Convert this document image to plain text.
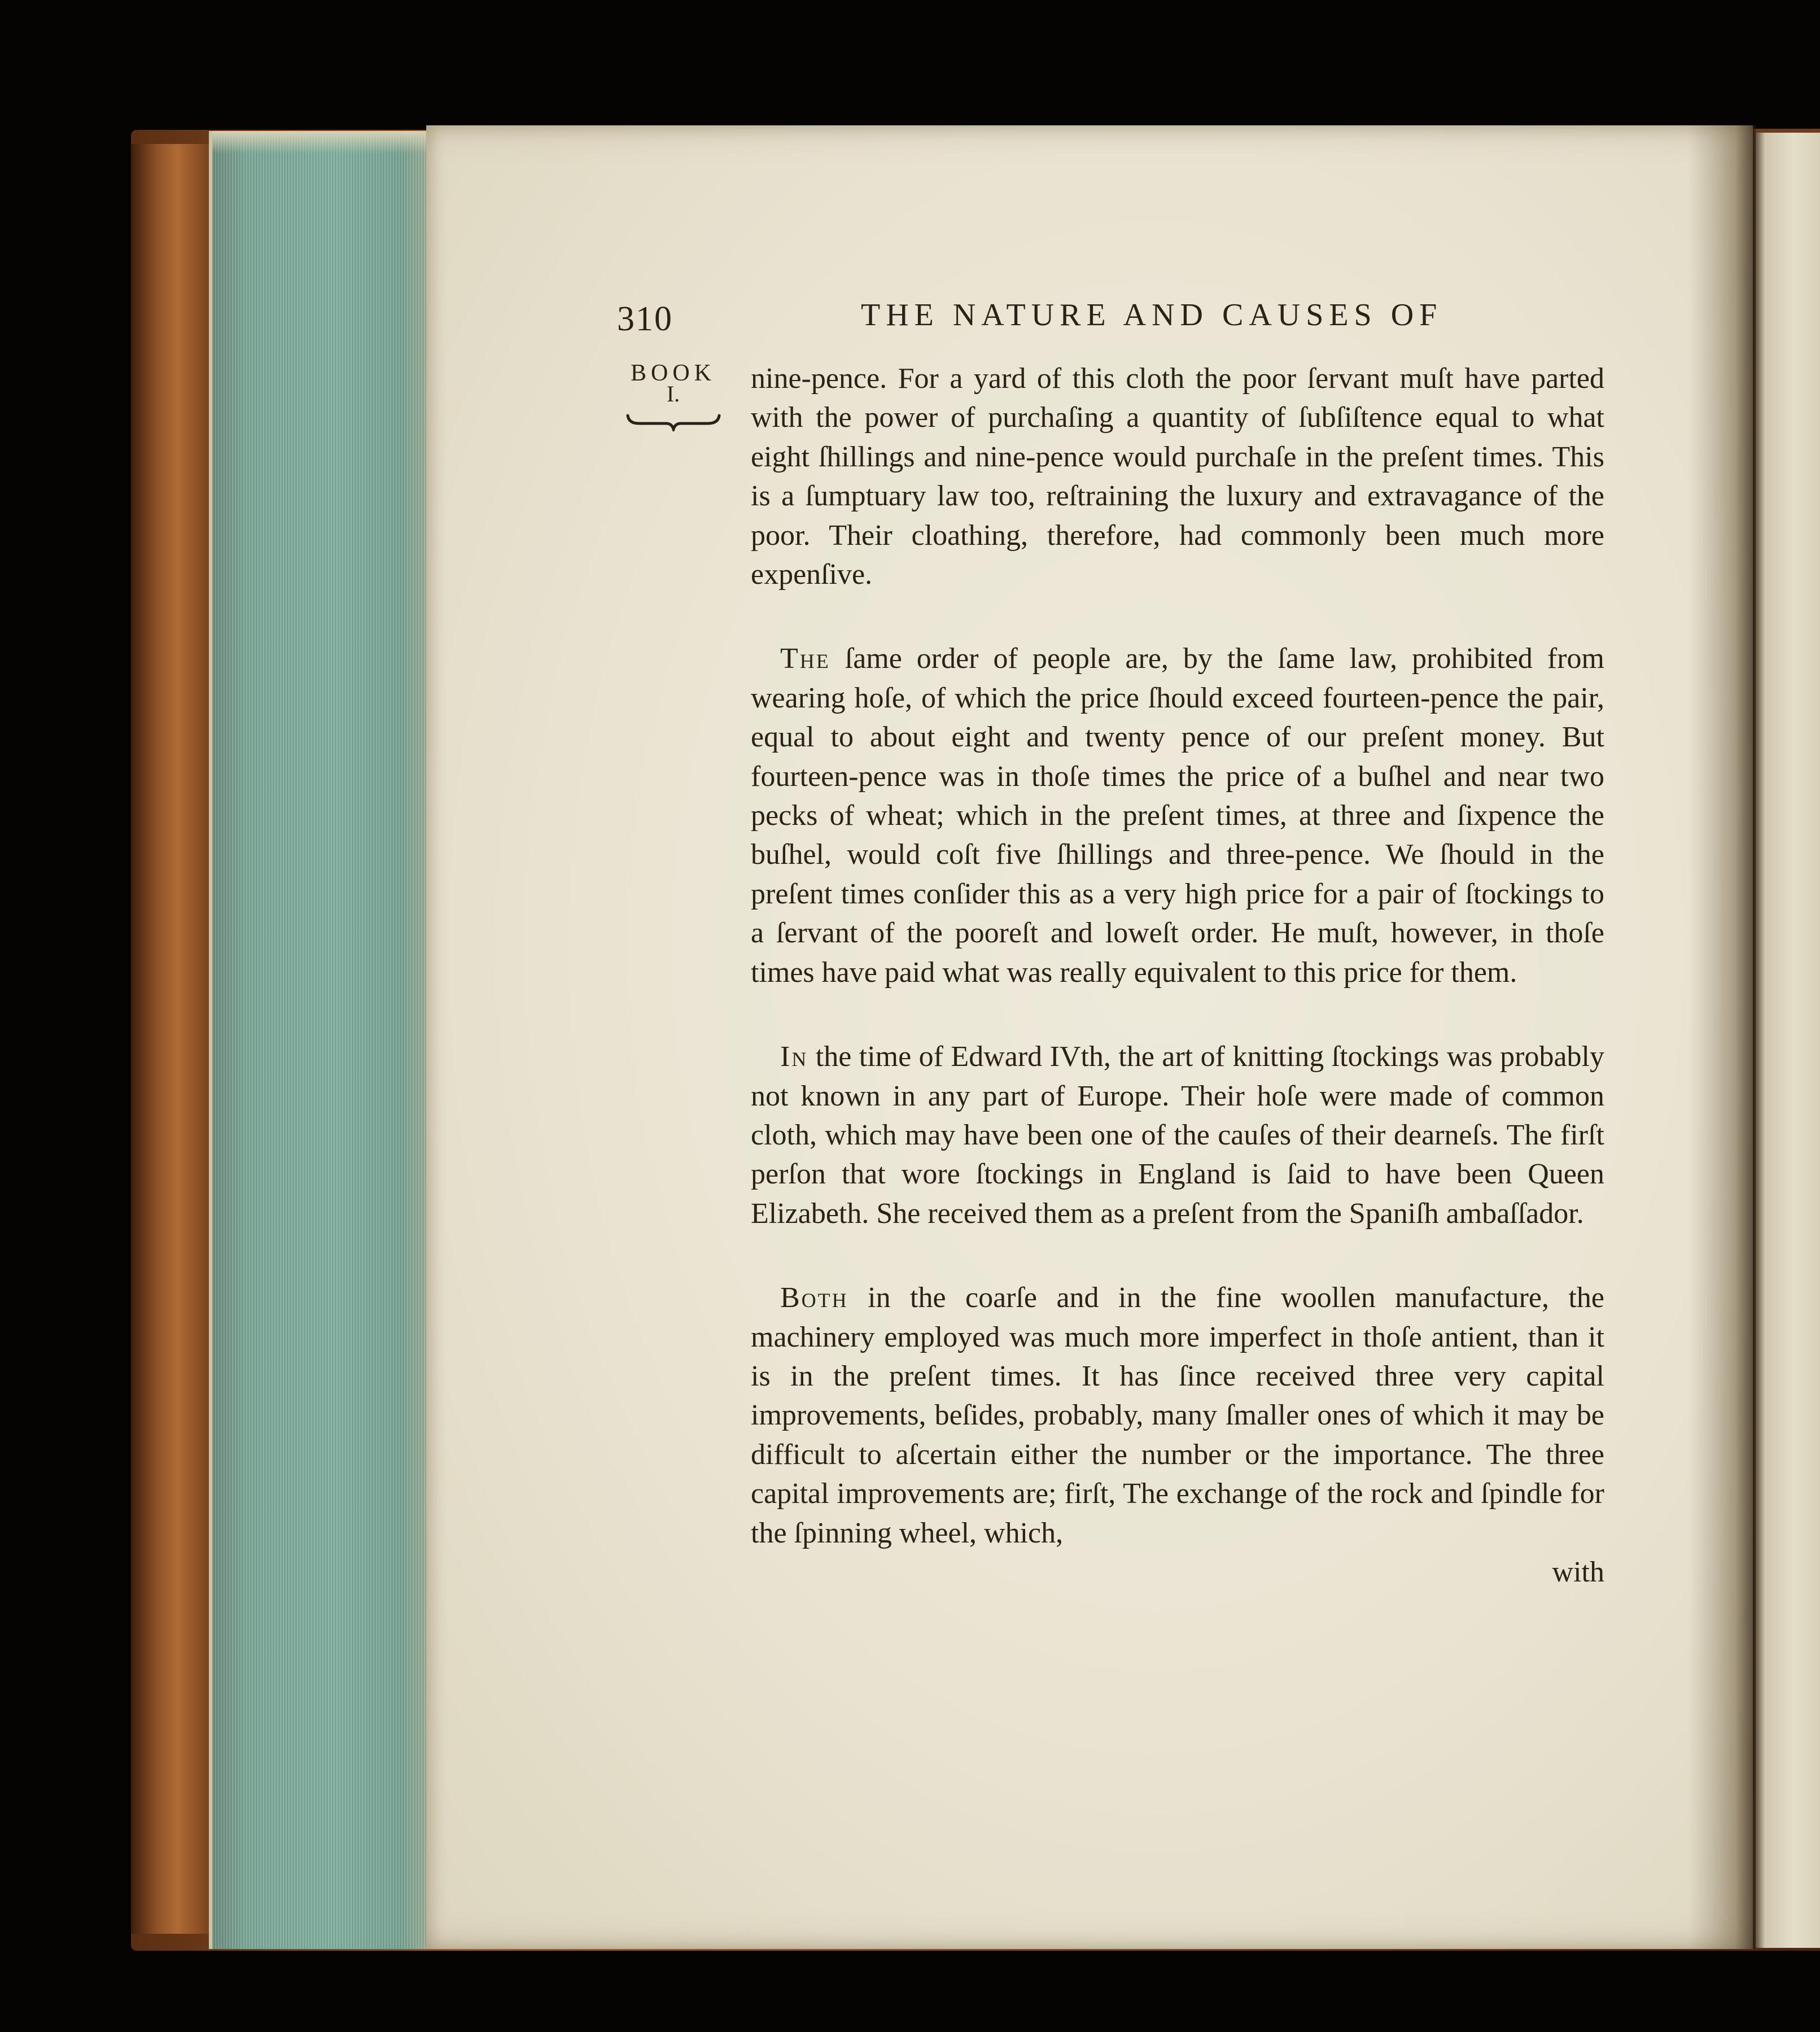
310	THE NATURE AND CAUSES OF
BOOK
I.	nine-pence. For a yard of this cloth the poor ſervant muſt have parted with the power of purchaſing a quantity of ſubſiſtence equal to what eight ſhillings and nine-pence would purchaſe in the preſent times. This is a ſumptuary law too, reſtraining the luxury and extravagance of the poor. Their cloathing, therefore, had commonly been much more expenſive.

The ſame order of people are, by the ſame law, prohibited from wearing hoſe, of which the price ſhould exceed fourteen-pence the pair, equal to about eight and twenty pence of our preſent money. But fourteen-pence was in thoſe times the price of a buſhel and near two pecks of wheat; which in the preſent times, at three and ſixpence the buſhel, would coſt five ſhillings and three-pence. We ſhould in the preſent times conſider this as a very high price for a pair of ſtockings to a ſervant of the pooreſt and loweſt order. He muſt, however, in thoſe times have paid what was really equivalent to this price for them.

In the time of Edward IVth, the art of knitting ſtockings was probably not known in any part of Europe. Their hoſe were made of common cloth, which may have been one of the cauſes of their dearneſs. The firſt perſon that wore ſtockings in England is ſaid to have been Queen Elizabeth. She received them as a preſent from the Spaniſh ambaſſador.

Both in the coarſe and in the fine woollen manufacture, the machinery employed was much more imperfect in thoſe antient, than it is in the preſent times. It has ſince received three very capital improvements, beſides, probably, many ſmaller ones of which it may be difficult to aſcertain either the number or the importance. The three capital improvements are; firſt, The exchange of the rock and ſpindle for the ſpinning wheel, which,

with
